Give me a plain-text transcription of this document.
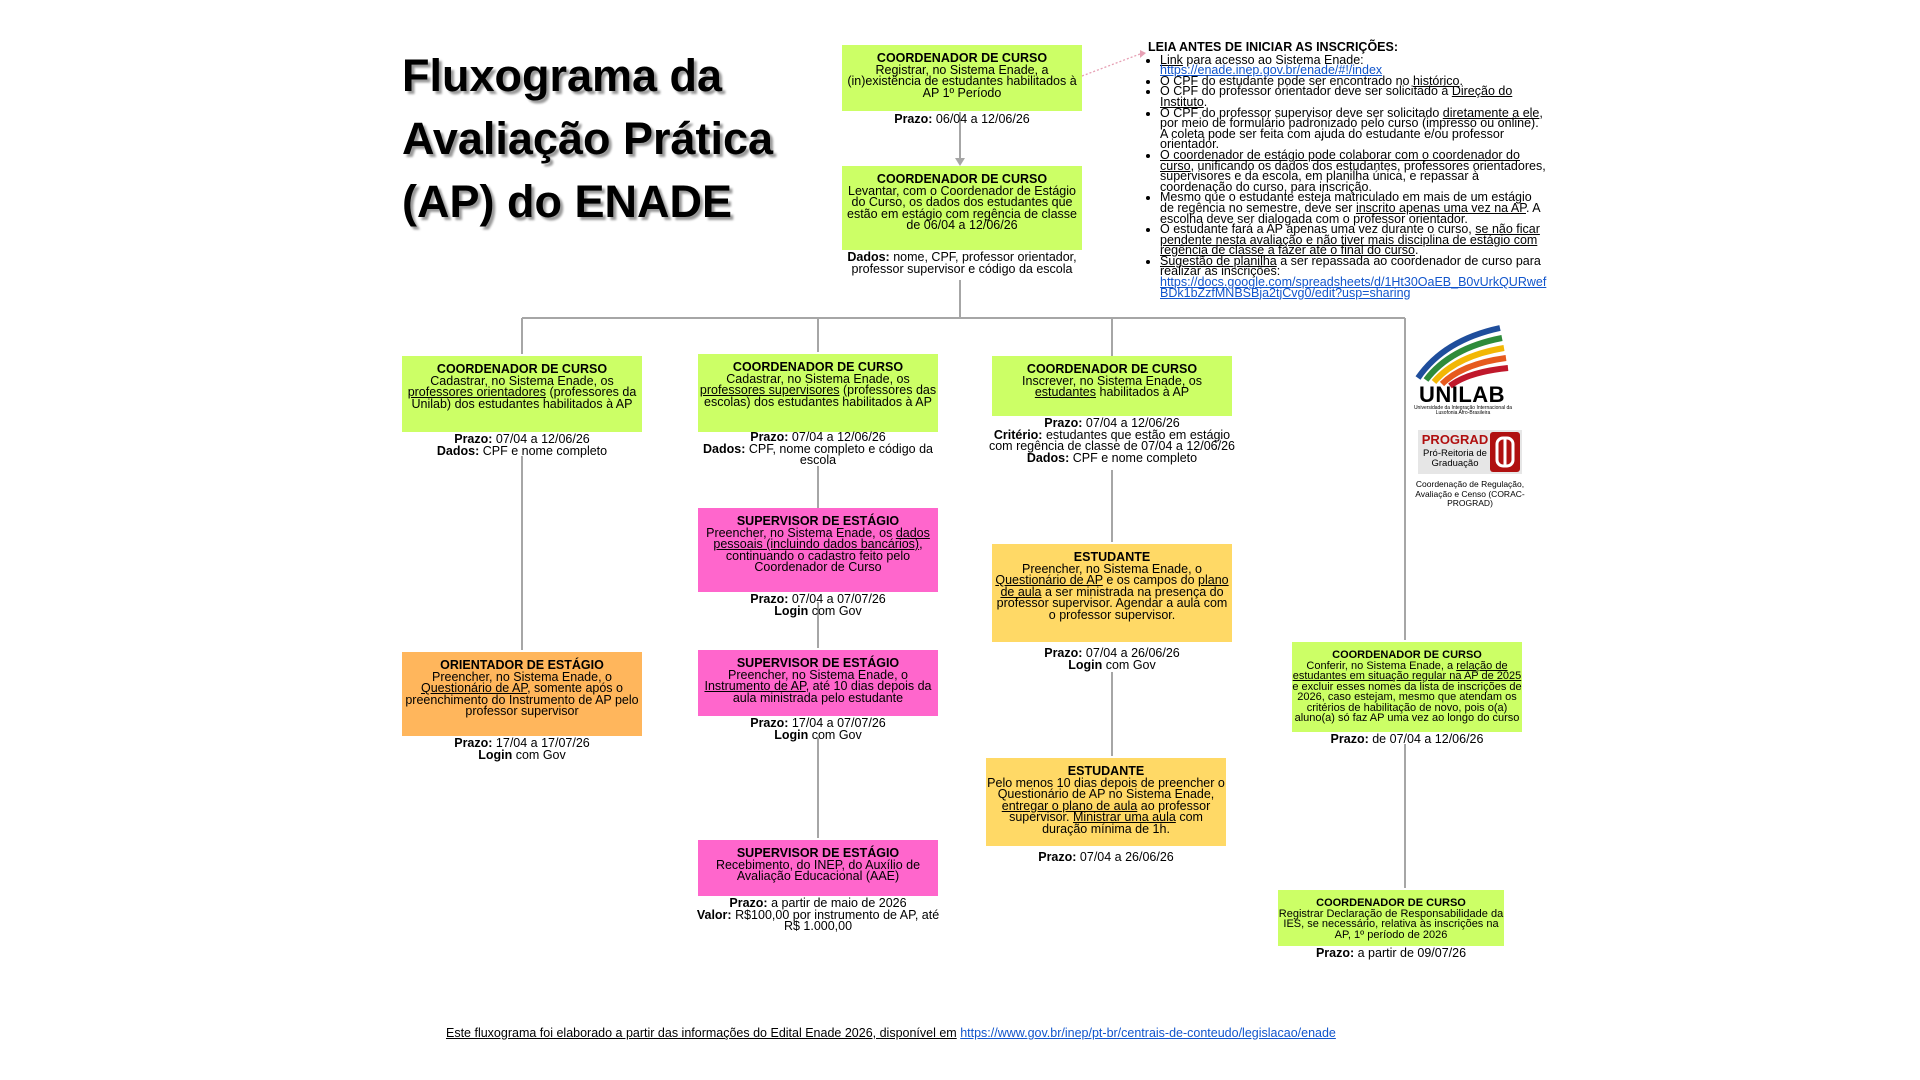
Fluxograma da
Avaliação Prática
(AP) do ENADE
COORDENADOR DE CURSO
Registrar, no Sistema Enade, a (in)existência de estudantes habilitados à AP 1º Período
Prazo: 06/04 a 12/06/26
COORDENADOR DE CURSO
Levantar, com o Coordenador de Estágio do Curso, os dados dos estudantes que estão em estágio com regência de classe de 06/04 a 12/06/26
Dados: nome, CPF, professor orientador, professor supervisor e código da escola
COORDENADOR DE CURSO
Cadastrar, no Sistema Enade, os professores orientadores (professores da Unilab) dos estudantes habilitados à AP
Prazo: 07/04 a 12/06/26
Dados: CPF e nome completo
ORIENTADOR DE ESTÁGIO
Preencher, no Sistema Enade, o Questionário de AP, somente após o preenchimento do Instrumento de AP pelo professor supervisor
Prazo: 17/04 a 17/07/26
Login com Gov
COORDENADOR DE CURSO
Cadastrar, no Sistema Enade, os professores supervisores (professores das escolas) dos estudantes habilitados à AP
Prazo: 07/04 a 12/06/26
Dados: CPF, nome completo e código da escola
SUPERVISOR DE ESTÁGIO
Preencher, no Sistema Enade, os dados pessoais (incluindo dados bancários), continuando o cadastro feito pelo Coordenador de Curso
Prazo: 07/04 a 07/07/26
Login com Gov
SUPERVISOR DE ESTÁGIO
Preencher, no Sistema Enade, o Instrumento de AP, até 10 dias depois da aula ministrada pelo estudante
Prazo: 17/04 a 07/07/26
Login com Gov
SUPERVISOR DE ESTÁGIO
Recebimento, do INEP, do Auxílio de Avaliação Educacional (AAE)
Prazo: a partir de maio de 2026
Valor: R$100,00 por instrumento de AP, até R$ 1.000,00
COORDENADOR DE CURSO
Inscrever, no Sistema Enade, os estudantes habilitados à AP
Prazo: 07/04 a 12/06/26
Critério: estudantes que estão em estágio com regência de classe de 07/04 a 12/06/26
Dados: CPF e nome completo
ESTUDANTE
Preencher, no Sistema Enade, o Questionário de AP e os campos do plano de aula a ser ministrada na presença do professor supervisor. Agendar a aula com o professor supervisor.
Prazo: 07/04 a 26/06/26
Login com Gov
ESTUDANTE
Pelo menos 10 dias depois de preencher o Questionário de AP no Sistema Enade, entregar o plano de aula ao professor supervisor. Ministrar uma aula com duração mínima de 1h.
Prazo: 07/04 a 26/06/26
COORDENADOR DE CURSO
Conferir, no Sistema Enade, a relação de estudantes em situação regular na AP de 2025 e excluir esses nomes da lista de inscrições de 2026, caso estejam, mesmo que atendam os critérios de habilitação de novo, pois o(a) aluno(a) só faz AP uma vez ao longo do curso
Prazo: de 07/04 a 12/06/26
COORDENADOR DE CURSO
Registrar Declaração de Responsabilidade da IES, se necessário, relativa às inscrições na AP, 1º período de 2026
Prazo: a partir de 09/07/26
LEIA ANTES DE INICIAR AS INSCRIÇÕES:
• Link para acesso ao Sistema Enade:
https://enade.inep.gov.br/enade/#!/index
• O CPF do estudante pode ser encontrado no histórico.
• O CPF do professor orientador deve ser solicitado à Direção do Instituto.
• O CPF do professor supervisor deve ser solicitado diretamente a ele, por meio de formulário padronizado pelo curso (impresso ou online). A coleta pode ser feita com ajuda do estudante e/ou professor orientador.
• O coordenador de estágio pode colaborar com o coordenador do curso, unificando os dados dos estudantes, professores orientadores, supervisores e da escola, em planilha única, e repassar à coordenação do curso, para inscrição.
• Mesmo que o estudante esteja matriculado em mais de um estágio de regência no semestre, deve ser inscrito apenas uma vez na AP. A escolha deve ser dialogada com o professor orientador.
• O estudante fará a AP apenas uma vez durante o curso, se não ficar pendente nesta avaliação e não tiver mais disciplina de estágio com regência de classe a fazer até o final do curso.
• Sugestão de planilha a ser repassada ao coordenador de curso para realizar as inscrições:
https://docs.google.com/spreadsheets/d/1Ht30OaEB_B0vUrkQURwefBDk1bZzfMNBSBja2tjCvg0/edit?usp=sharing
UNILAB
Universidade da Integração Internacional da Lusofonia Afro-Brasileira
PROGRAD
Pró-Reitoria de Graduação
Coordenação de Regulação, Avaliação e Censo (CORAC-PROGRAD)
Este fluxograma foi elaborado a partir das informações do Edital Enade 2026, disponível em https://www.gov.br/inep/pt-br/centrais-de-conteudo/legislacao/enade
